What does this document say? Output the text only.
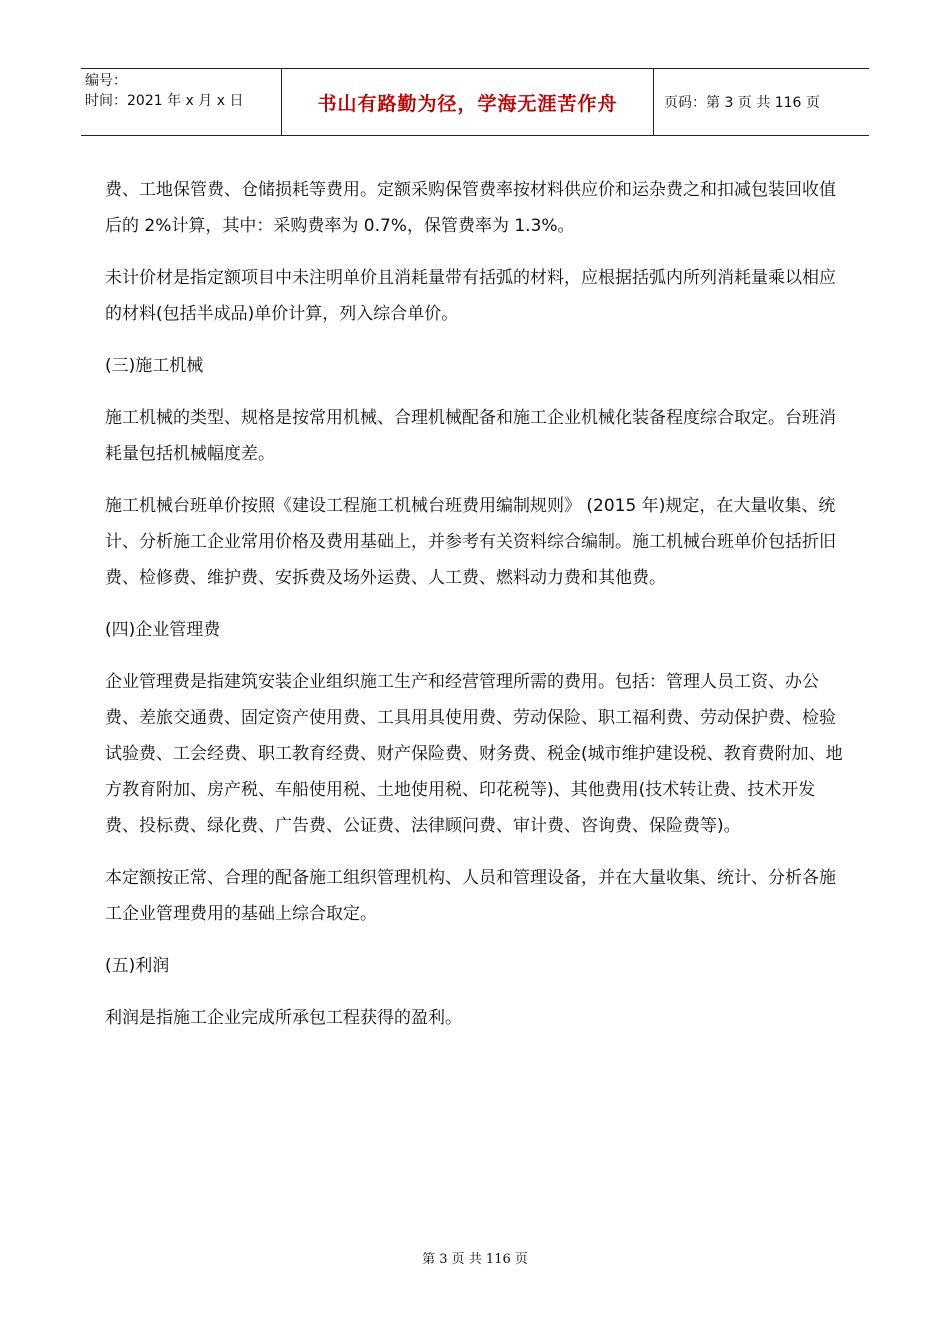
编号：
时间：2021 年 x 月 x 日	书山有路勤为径，学海无涯苦作舟	页码：第 3 页 共 116 页

费、工地保管费、仓储损耗等费用。定额采购保管费率按材料供应价和运杂费之和扣减包装回收值后的 2%计算，其中：采购费率为 0.7%，保管费率为 1.3%。

未计价材是指定额项目中未注明单价且消耗量带有括弧的材料，应根据括弧内所列消耗量乘以相应的材料(包括半成品)单价计算，列入综合单价。

(三)施工机械

施工机械的类型、规格是按常用机械、合理机械配备和施工企业机械化装备程度综合取定。台班消耗量包括机械幅度差。

施工机械台班单价按照《建设工程施工机械台班费用编制规则》 (2015 年)规定，在大量收集、统计、分析施工企业常用价格及费用基础上，并参考有关资料综合编制。施工机械台班单价包括折旧费、检修费、维护费、安拆费及场外运费、人工费、燃料动力费和其他费。

(四)企业管理费

企业管理费是指建筑安装企业组织施工生产和经营管理所需的费用。包括：管理人员工资、办公费、差旅交通费、固定资产使用费、工具用具使用费、劳动保险、职工福利费、劳动保护费、检验试验费、工会经费、职工教育经费、财产保险费、财务费、税金(城市维护建设税、教育费附加、地方教育附加、房产税、车船使用税、土地使用税、印花税等)、其他费用(技术转让费、技术开发费、投标费、绿化费、广告费、公证费、法律顾问费、审计费、咨询费、保险费等)。

本定额按正常、合理的配备施工组织管理机构、人员和管理设备，并在大量收集、统计、分析各施工企业管理费用的基础上综合取定。

(五)利润

利润是指施工企业完成所承包工程获得的盈利。

第 3 页 共 116 页
